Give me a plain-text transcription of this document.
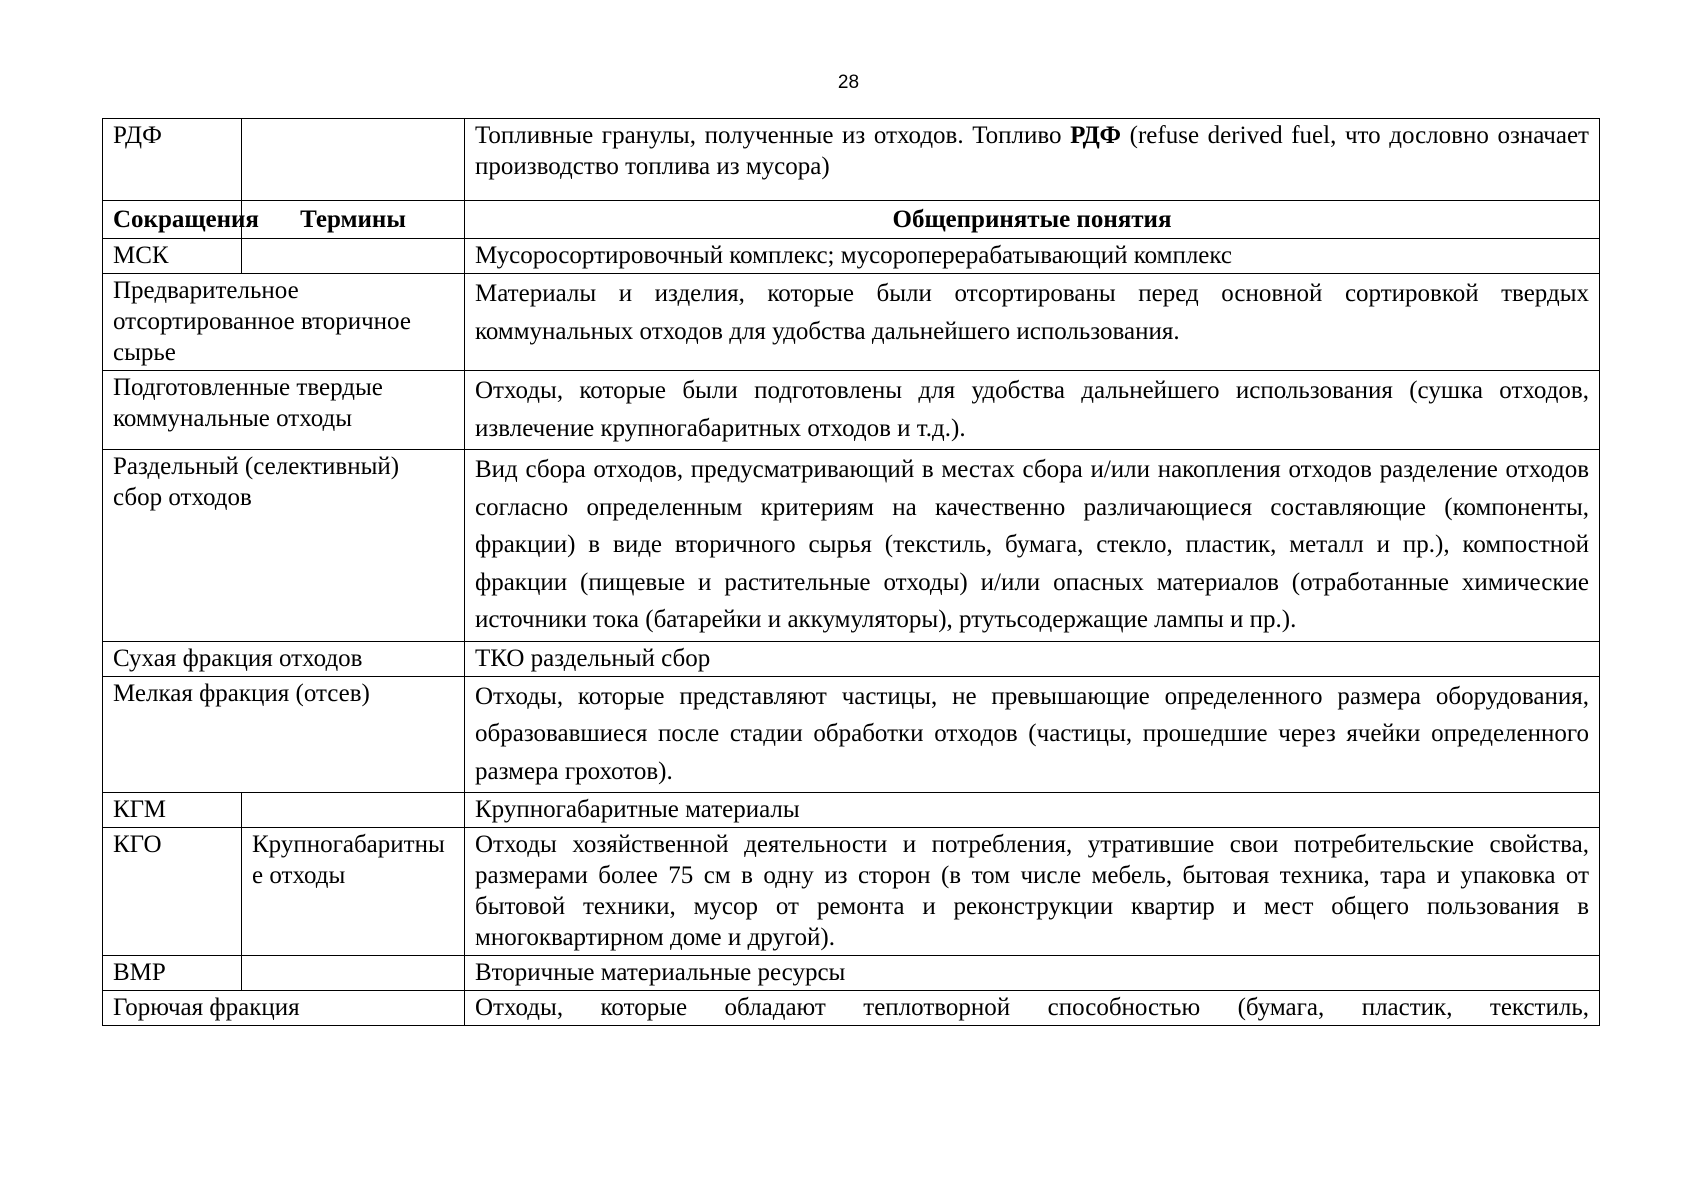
28
РДФ		Топливные гранулы, полученные из отходов. Топливо РДФ (refuse derived fuel, что дословно означает производство топлива из мусора)
Сокращения	Термины	Общепринятые понятия
МСК		Мусоросортировочный комплекс; мусороперерабатывающий комплекс
Предварительное отсортированное вторичное сырье		Материалы и изделия, которые были отсортированы перед основной сортировкой твердых коммунальных отходов для удобства дальнейшего использования.
Подготовленные твердые коммунальные отходы		Отходы, которые были подготовлены для удобства дальнейшего использования (сушка отходов, извлечение крупногабаритных отходов и т.д.).
Раздельный (селективный) сбор отходов		Вид сбора отходов, предусматривающий в местах сбора и/или накопления отходов разделение отходов согласно определенным критериям на качественно различающиеся составляющие (компоненты, фракции) в виде вторичного сырья (текстиль, бумага, стекло, пластик, металл и пр.), компостной фракции (пищевые и растительные отходы) и/или опасных материалов (отработанные химические источники тока (батарейки и аккумуляторы), ртутьсодержащие лампы и пр.).
Сухая фракция отходов		ТКО раздельный сбор
Мелкая фракция (отсев)		Отходы, которые представляют частицы, не превышающие определенного размера оборудования, образовавшиеся после стадии обработки отходов (частицы, прошедшие через ячейки определенного размера грохотов).
КГМ		Крупногабаритные материалы
КГО	Крупногабаритные отходы	Отходы хозяйственной деятельности и потребления, утратившие свои потребительские свойства, размерами более 75 см в одну из сторон (в том числе мебель, бытовая техника, тара и упаковка от бытовой техники, мусор от ремонта и реконструкции квартир и мест общего пользования в многоквартирном доме и другой).
ВМР		Вторичные материальные ресурсы
Горючая фракция		Отходы, которые обладают теплотворной способностью (бумага, пластик, текстиль,
